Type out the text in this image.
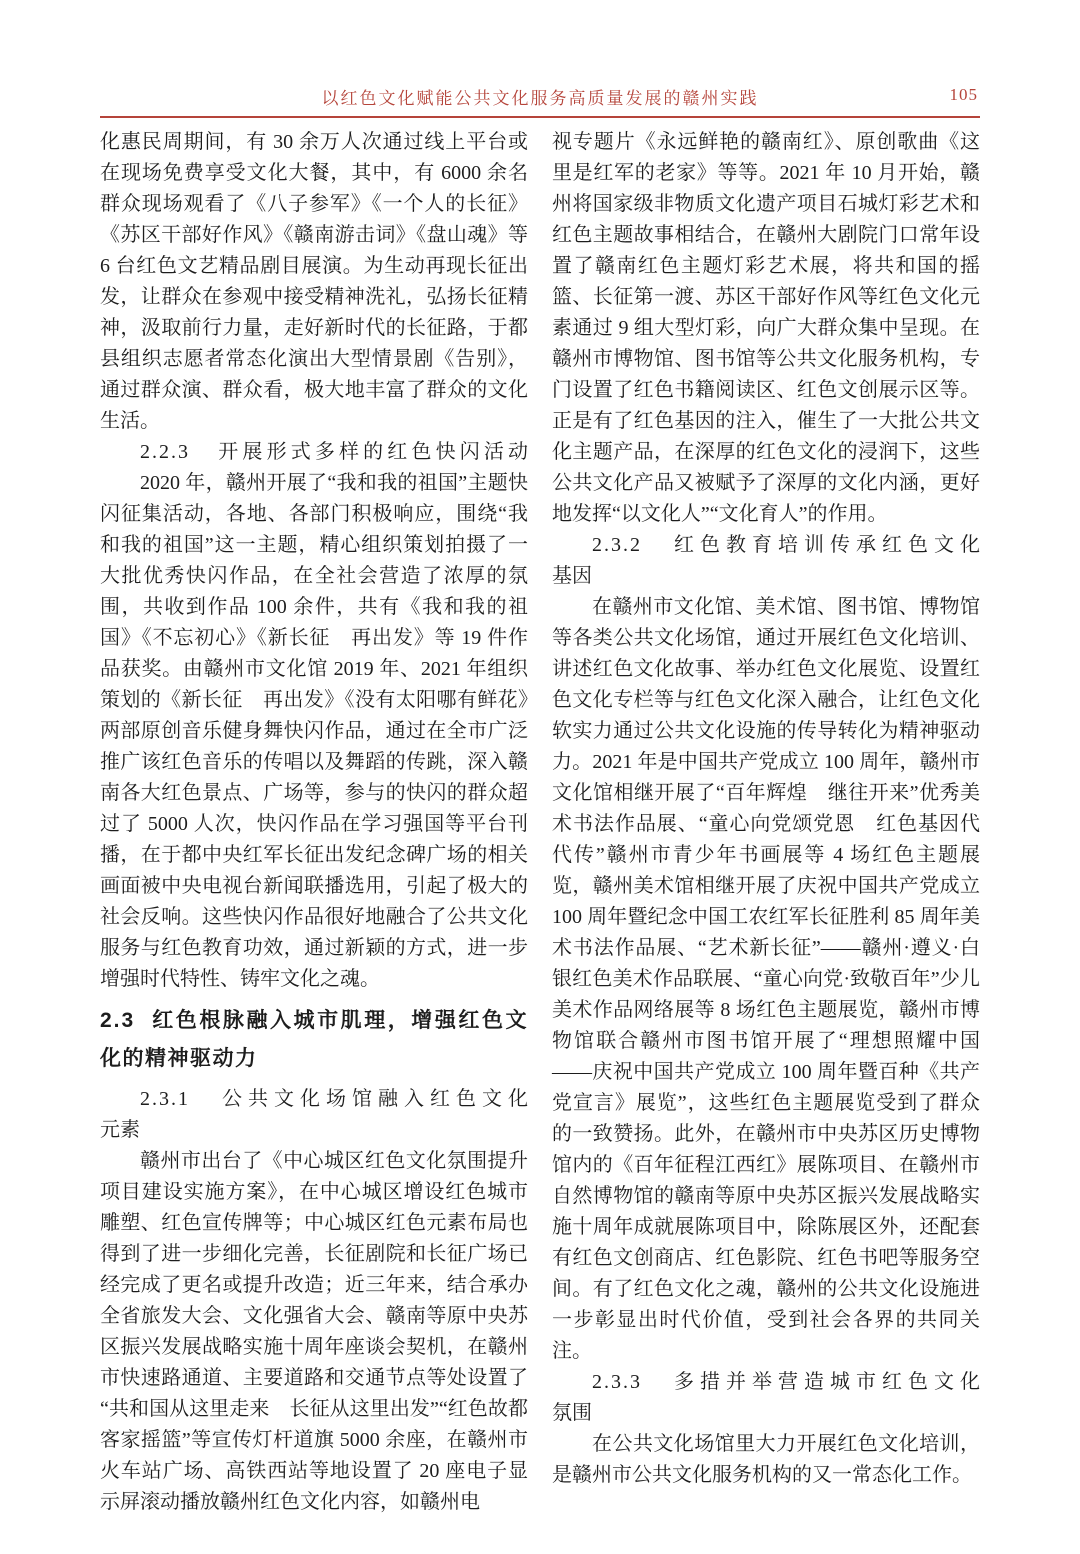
以红色文化赋能公共文化服务高质量发展的赣州实践	105

化惠民周期间，有 30 余万人次通过线上平台或在现场免费享受文化大餐，其中，有 6000 余名群众现场观看了《八子参军》《一个人的长征》《苏区干部好作风》《赣南游击词》《盘山魂》等 6 台红色文艺精品剧目展演。为生动再现长征出发，让群众在参观中接受精神洗礼，弘扬长征精神，汲取前行力量，走好新时代的长征路，于都县组织志愿者常态化演出大型情景剧《告别》，通过群众演、群众看，极大地丰富了群众的文化生活。

2.2.3　开展形式多样的红色快闪活动

2020 年，赣州开展了“我和我的祖国”主题快闪征集活动，各地、各部门积极响应，围绕“我和我的祖国”这一主题，精心组织策划拍摄了一大批优秀快闪作品，在全社会营造了浓厚的氛围，共收到作品 100 余件，共有《我和我的祖国》《不忘初心》《新长征　再出发》等 19 件作品获奖。由赣州市文化馆 2019 年、2021 年组织策划的《新长征　再出发》《没有太阳哪有鲜花》两部原创音乐健身舞快闪作品，通过在全市广泛推广该红色音乐的传唱以及舞蹈的传跳，深入赣南各大红色景点、广场等，参与的快闪的群众超过了 5000 人次，快闪作品在学习强国等平台刊播，在于都中央红军长征出发纪念碑广场的相关画面被中央电视台新闻联播选用，引起了极大的社会反响。这些快闪作品很好地融合了公共文化服务与红色教育功效，通过新颖的方式，进一步增强时代特性、铸牢文化之魂。

2.3 红色根脉融入城市肌理，增强红色文化的精神驱动力

2.3.1　公共文化场馆融入红色文化

元素

赣州市出台了《中心城区红色文化氛围提升项目建设实施方案》，在中心城区增设红色城市雕塑、红色宣传牌等；中心城区红色元素布局也得到了进一步细化完善，长征剧院和长征广场已经完成了更名或提升改造；近三年来，结合承办全省旅发大会、文化强省大会、赣南等原中央苏区振兴发展战略实施十周年座谈会契机，在赣州市快速路通道、主要道路和交通节点等处设置了“共和国从这里走来　长征从这里出发”“红色故都　客家摇篮”等宣传灯杆道旗 5000 余座，在赣州市火车站广场、高铁西站等地设置了 20 座电子显示屏滚动播放赣州红色文化内容，如赣州电

视专题片《永远鲜艳的赣南红》、原创歌曲《这里是红军的老家》等等。2021 年 10 月开始，赣州将国家级非物质文化遗产项目石城灯彩艺术和红色主题故事相结合，在赣州大剧院门口常年设置了赣南红色主题灯彩艺术展，将共和国的摇篮、长征第一渡、苏区干部好作风等红色文化元素通过 9 组大型灯彩，向广大群众集中呈现。在赣州市博物馆、图书馆等公共文化服务机构，专门设置了红色书籍阅读区、红色文创展示区等。正是有了红色基因的注入，催生了一大批公共文化主题产品，在深厚的红色文化的浸润下，这些公共文化产品又被赋予了深厚的文化内涵，更好地发挥“以文化人”“文化育人”的作用。

2.3.2　红色教育培训传承红色文化

基因

在赣州市文化馆、美术馆、图书馆、博物馆等各类公共文化场馆，通过开展红色文化培训、讲述红色文化故事、举办红色文化展览、设置红色文化专栏等与红色文化深入融合，让红色文化软实力通过公共文化设施的传导转化为精神驱动力。2021 年是中国共产党成立 100 周年，赣州市文化馆相继开展了“百年辉煌　继往开来”优秀美术书法作品展、“童心向党颂党恩　红色基因代代传”赣州市青少年书画展等 4 场红色主题展览，赣州美术馆相继开展了庆祝中国共产党成立 100 周年暨纪念中国工农红军长征胜利 85 周年美术书法作品展、“艺术新长征”——赣州·遵义·白银红色美术作品联展、“童心向党·致敬百年”少儿美术作品网络展等 8 场红色主题展览，赣州市博物馆联合赣州市图书馆开展了“理想照耀中国——庆祝中国共产党成立 100 周年暨百种《共产党宣言》展览”，这些红色主题展览受到了群众的一致赞扬。此外，在赣州市中央苏区历史博物馆内的《百年征程江西红》展陈项目、在赣州市自然博物馆的赣南等原中央苏区振兴发展战略实施十周年成就展陈项目中，除陈展区外，还配套有红色文创商店、红色影院、红色书吧等服务空间。有了红色文化之魂，赣州的公共文化设施进一步彰显出时代价值，受到社会各界的共同关注。

2.3.3　多措并举营造城市红色文化

氛围

在公共文化场馆里大力开展红色文化培训，是赣州市公共文化服务机构的又一常态化工作。
